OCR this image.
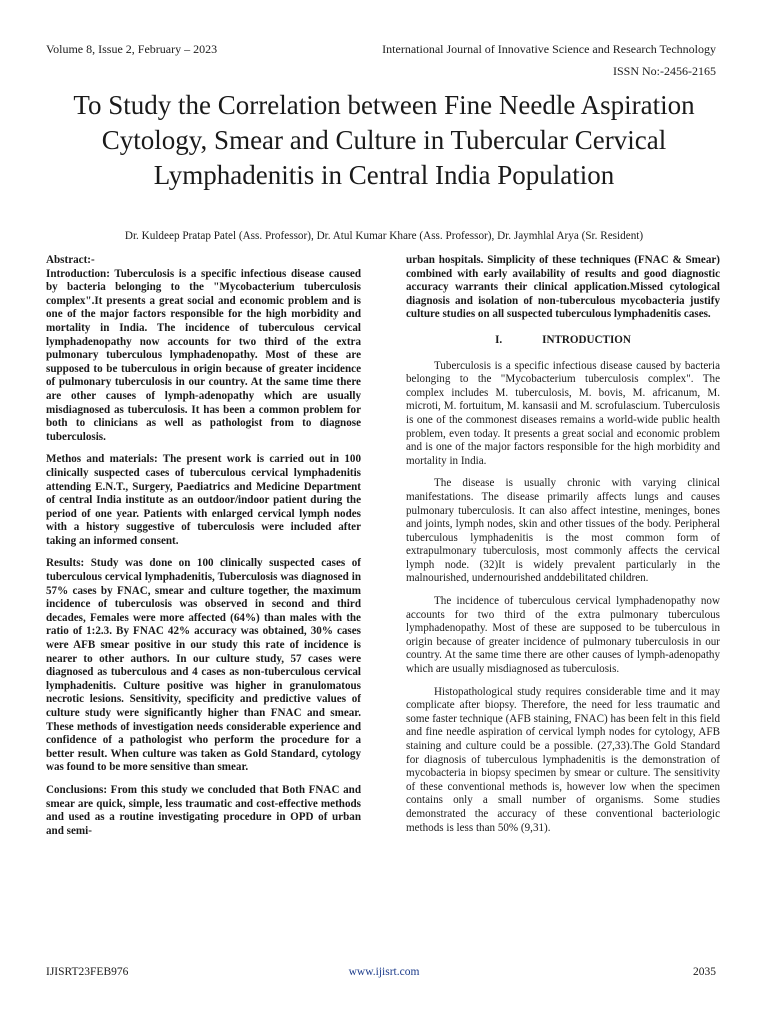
Volume 8, Issue 2, February – 2023	International Journal of Innovative Science and Research Technology
ISSN No:-2456-2165
To Study the Correlation between Fine Needle Aspiration Cytology, Smear and Culture in Tubercular Cervical Lymphadenitis in Central India Population
Dr. Kuldeep Pratap Patel (Ass. Professor), Dr. Atul Kumar Khare (Ass. Professor), Dr. Jaymhlal Arya (Sr. Resident)

Abstract:-

Introduction: Tuberculosis is a specific infectious disease caused by bacteria belonging to the "Mycobacterium tuberculosis complex".It presents a great social and economic problem and is one of the major factors responsible for the high morbidity and mortality in India. The incidence of tuberculous cervical lymphadenopathy now accounts for two third of the extra pulmonary tuberculous lymphadenopathy. Most of these are supposed to be tuberculous in origin because of greater incidence of pulmonary tuberculosis in our country. At the same time there are other causes of lymph-adenopathy which are usually misdiagnosed as tuberculosis. It has been a common problem for both to clinicians as well as pathologist from to diagnose tuberculosis.

Methos and materials: The present work is carried out in 100 clinically suspected cases of tuberculous cervical lymphadenitis attending E.N.T., Surgery, Paediatrics and Medicine Department of central India institute as an outdoor/indoor patient during the period of one year. Patients with enlarged cervical lymph nodes with a history suggestive of tuberculosis were included after taking an informed consent.

Results: Study was done on 100 clinically suspected cases of tuberculous cervical lymphadenitis, Tuberculosis was diagnosed in 57% cases by FNAC, smear and culture together, the maximum incidence of tuberculosis was observed in second and third decades, Females were more affected (64%) than males with the ratio of 1:2.3. By FNAC 42% accuracy was obtained, 30% cases were AFB smear positive in our study this rate of incidence is nearer to other authors. In our culture study, 57 cases were diagnosed as tuberculous and 4 cases as non-tuberculous cervical lymphadenitis. Culture positive was higher in granulomatous necrotic lesions. Sensitivity, specificity and predictive values of culture study were significantly higher than FNAC and smear. These methods of investigation needs considerable experience and confidence of a pathologist who perform the procedure for a better result. When culture was taken as Gold Standard, cytology was found to be more sensitive than smear.

Conclusions: From this study we concluded that Both FNAC and smear are quick, simple, less traumatic and cost-effective methods and used as a routine investigating procedure in OPD of urban and semi-

urban hospitals. Simplicity of these techniques (FNAC & Smear) combined with early availability of results and good diagnostic accuracy warrants their clinical application.Missed cytological diagnosis and isolation of non-tuberculous mycobacteria justify culture studies on all suspected tuberculous lymphadenitis cases.

I.	INTRODUCTION

Tuberculosis is a specific infectious disease caused by bacteria belonging to the "Mycobacterium tuberculosis complex". The complex includes M. tuberculosis, M. bovis, M. africanum, M. microti, M. fortuitum, M. kansasii and M. scrofulascium. Tuberculosis is one of the commonest diseases remains a world-wide public health problem, even today. It presents a great social and economic problem and is one of the major factors responsible for the high morbidity and mortality in India.

The disease is usually chronic with varying clinical manifestations. The disease primarily affects lungs and causes pulmonary tuberculosis. It can also affect intestine, meninges, bones and joints, lymph nodes, skin and other tissues of the body. Peripheral tuberculous lymphadenitis is the most common form of extrapulmonary tuberculosis, most commonly affects the cervical lymph node. (32)It is widely prevalent particularly in the malnourished, undernourished anddebilitated children.

The incidence of tuberculous cervical lymphadenopathy now accounts for two third of the extra pulmonary tuberculous lymphadenopathy. Most of these are supposed to be tuberculous in origin because of greater incidence of pulmonary tuberculosis in our country. At the same time there are other causes of lymph-adenopathy which are usually misdiagnosed as tuberculosis.

Histopathological study requires considerable time and it may complicate after biopsy. Therefore, the need for less traumatic and some faster technique (AFB staining, FNAC) has been felt in this field and fine needle aspiration of cervical lymph nodes for cytology, AFB staining and culture could be a possible. (27,33).The Gold Standard for diagnosis of tuberculous lymphadenitis is the demonstration of mycobacteria in biopsy specimen by smear or culture. The sensitivity of these conventional methods is, however low when the specimen contains only a small number of organisms. Some studies demonstrated the accuracy of these conventional bacteriologic methods is less than 50% (9,31).

IJISRT23FEB976	www.ijisrt.com	2035
